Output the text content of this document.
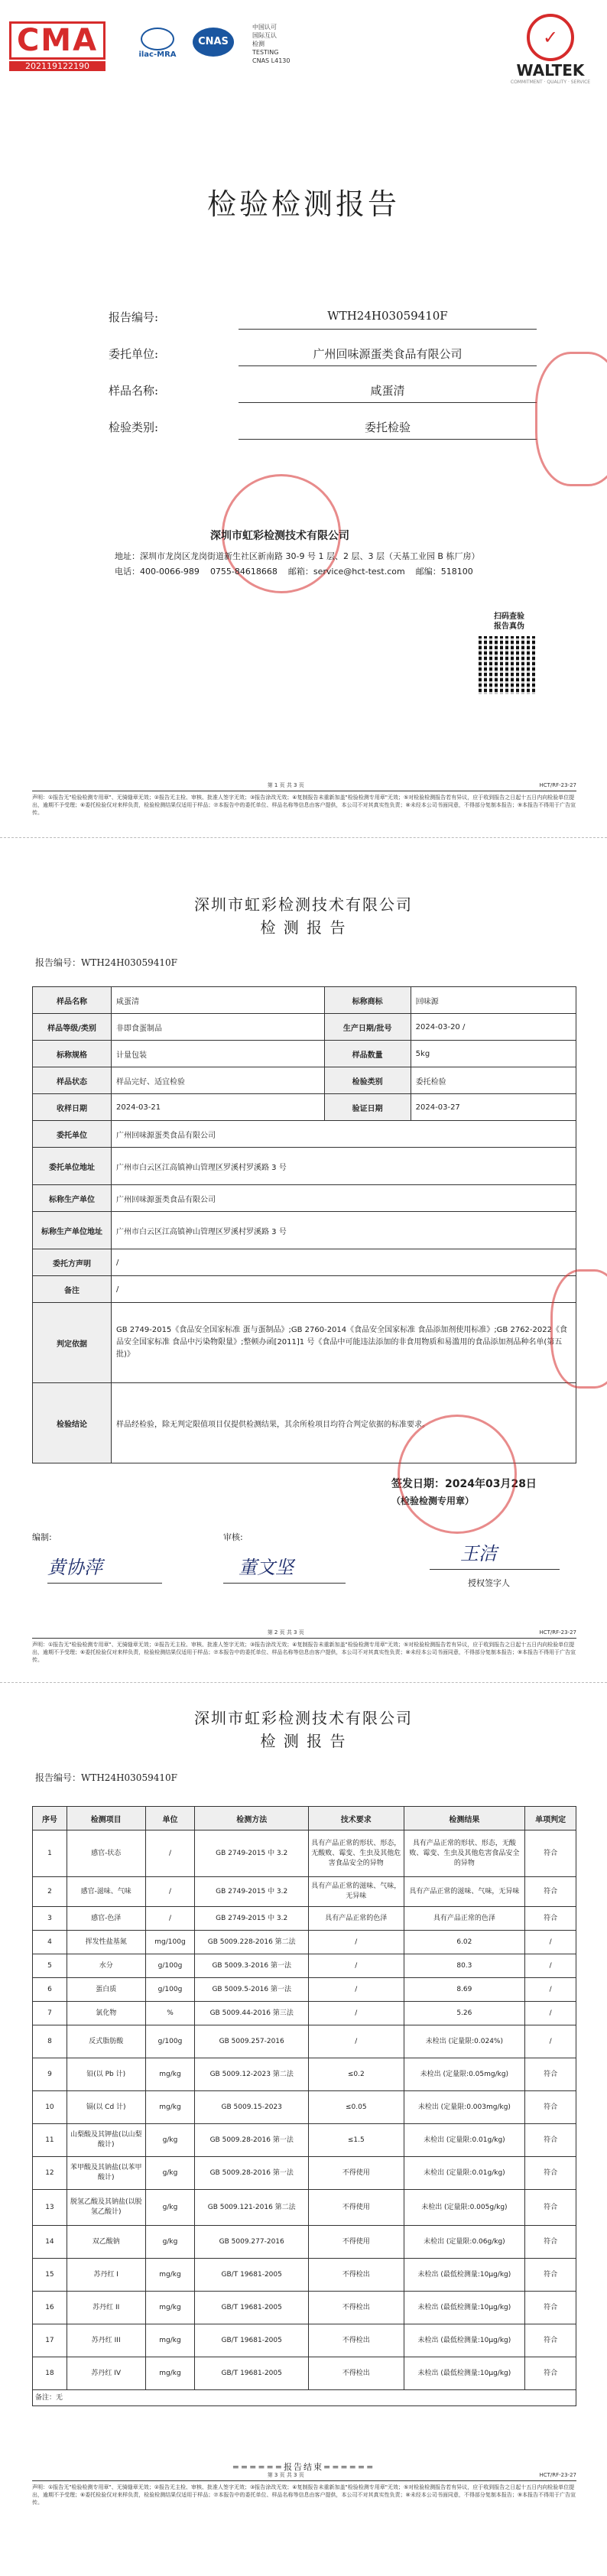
CMA
202119122190
ilac-MRA
CNAS
中国认可
国际互认
检测
TESTING
CNAS L4130
✓
WALTEK
COMMITMENT · QUALITY · SERVICE
检验检测报告
报告编号:	WTH24H03059410F
委托单位:	广州回味源蛋类食品有限公司
样品名称:	咸蛋清
检验类别:	委托检验
深圳市虹彩检测技术有限公司
地址：深圳市龙岗区龙岗街道新生社区新南路 30-9 号 1 层、2 层、3 层（天基工业园 B 栋厂房）
电话：400-0066-989 0755-84618668 邮箱：service@hct-test.com 邮编：518100
扫码查验
报告真伪
第 1 页 共 3 页	HCT/RF-23-27
声明：①报告无"检验检测专用章"、无骑缝章无效；②报告无主检、审核、批准人签字无效；③报告涂改无效；④复制报告未重新加盖"检验检测专用章"无效；⑤对检验检测报告若有异议，应于收到报告之日起十五日内向检验单位提出，逾期不予受理；⑥委托检验仅对来样负责，检验检测结果仅适用于样品；⑦本报告中的委托单位、样品名称等信息由客户提供，本公司不对其真实性负责；⑧未经本公司书面同意，不得部分复制本报告；⑨本报告不得用于广告宣传。
深圳市虹彩检测技术有限公司
检 测 报 告
报告编号：WTH24H03059410F
样品名称	咸蛋清	标称商标	回味源
样品等级/类别	非即食蛋制品	生产日期/批号	2024-03-20 /
标称规格	计量包装	样品数量	5kg
样品状态	样品完好、适宜检验	检验类别	委托检验
收样日期	2024-03-21	验证日期	2024-03-27
委托单位	广州回味源蛋类食品有限公司		
委托单位地址	广州市白云区江高镇神山管理区罗溪村罗溪路 3 号		
标称生产单位	广州回味源蛋类食品有限公司		
标称生产单位地址	广州市白云区江高镇神山管理区罗溪村罗溪路 3 号		
委托方声明	/		
备注	/		
判定依据	GB 2749-2015《食品安全国家标准 蛋与蛋制品》;GB 2760-2014《食品安全国家标准 食品添加剂使用标准》;GB 2762-2022《食品安全国家标准 食品中污染物限量》;整顿办函[2011]1 号《食品中可能违法添加的非食用物质和易滥用的食品添加剂品种名单(第五批)》		
检验结论	样品经检验，除无判定限值项目仅提供检测结果，其余所检项目均符合判定依据的标准要求。		
签发日期：2024年03月28日
（检验检测专用章）
编制:	审核:
黄协萍	董文坚
王洁
授权签字人
第 2 页 共 3 页	HCT/RF-23-27
声明：①报告无"检验检测专用章"、无骑缝章无效；②报告无主检、审核、批准人签字无效；③报告涂改无效；④复制报告未重新加盖"检验检测专用章"无效；⑤对检验检测报告若有异议，应于收到报告之日起十五日内向检验单位提出，逾期不予受理；⑥委托检验仅对来样负责，检验检测结果仅适用于样品；⑦本报告中的委托单位、样品名称等信息由客户提供，本公司不对其真实性负责；⑧未经本公司书面同意，不得部分复制本报告；⑨本报告不得用于广告宣传。
深圳市虹彩检测技术有限公司
检 测 报 告
报告编号：WTH24H03059410F
序号	检测项目	单位	检测方法	技术要求	检测结果	单项判定
1	感官-状态	/	GB 2749-2015 中 3.2	具有产品正常的形状、形态，无酸败、霉变、生虫及其他危害食品安全的异物	具有产品正常的形状、形态，无酸败、霉变、生虫及其他危害食品安全的异物	符合
2	感官-滋味、气味	/	GB 2749-2015 中 3.2	具有产品正常的滋味、气味，无异味	具有产品正常的滋味、气味，无异味	符合
3	感官-色泽	/	GB 2749-2015 中 3.2	具有产品正常的色泽	具有产品正常的色泽	符合
4	挥发性盐基氮	mg/100g	GB 5009.228-2016 第二法	/	6.02	/
5	水分	g/100g	GB 5009.3-2016 第一法	/	80.3	/
6	蛋白质	g/100g	GB 5009.5-2016 第一法	/	8.69	/
7	氯化物	%	GB 5009.44-2016 第三法	/	5.26	/
8	反式脂肪酸	g/100g	GB 5009.257-2016	/	未检出 (定量限:0.024%)	/
9	铅(以 Pb 计)	mg/kg	GB 5009.12-2023 第二法	≤0.2	未检出 (定量限:0.05mg/kg)	符合
10	镉(以 Cd 计)	mg/kg	GB 5009.15-2023	≤0.05	未检出 (定量限:0.003mg/kg)	符合
11	山梨酸及其钾盐(以山梨酸计)	g/kg	GB 5009.28-2016 第一法	≤1.5	未检出 (定量限:0.01g/kg)	符合
12	苯甲酸及其钠盐(以苯甲酸计)	g/kg	GB 5009.28-2016 第一法	不得使用	未检出 (定量限:0.01g/kg)	符合
13	脱氢乙酸及其钠盐(以脱氢乙酸计)	g/kg	GB 5009.121-2016 第二法	不得使用	未检出 (定量限:0.005g/kg)	符合
14	双乙酸钠	g/kg	GB 5009.277-2016	不得使用	未检出 (定量限:0.06g/kg)	符合
15	苏丹红 I	mg/kg	GB/T 19681-2005	不得检出	未检出 (最低检测量:10μg/kg)	符合
16	苏丹红 II	mg/kg	GB/T 19681-2005	不得检出	未检出 (最低检测量:10μg/kg)	符合
17	苏丹红 III	mg/kg	GB/T 19681-2005	不得检出	未检出 (最低检测量:10μg/kg)	符合
18	苏丹红 IV	mg/kg	GB/T 19681-2005	不得检出	未检出 (最低检测量:10μg/kg)	符合
备注：无						
======报告结束======
第 3 页 共 3 页	HCT/RF-23-27
声明：①报告无"检验检测专用章"、无骑缝章无效；②报告无主检、审核、批准人签字无效；③报告涂改无效；④复制报告未重新加盖"检验检测专用章"无效；⑤对检验检测报告若有异议，应于收到报告之日起十五日内向检验单位提出，逾期不予受理；⑥委托检验仅对来样负责，检验检测结果仅适用于样品；⑦本报告中的委托单位、样品名称等信息由客户提供，本公司不对其真实性负责；⑧未经本公司书面同意，不得部分复制本报告；⑨本报告不得用于广告宣传。
